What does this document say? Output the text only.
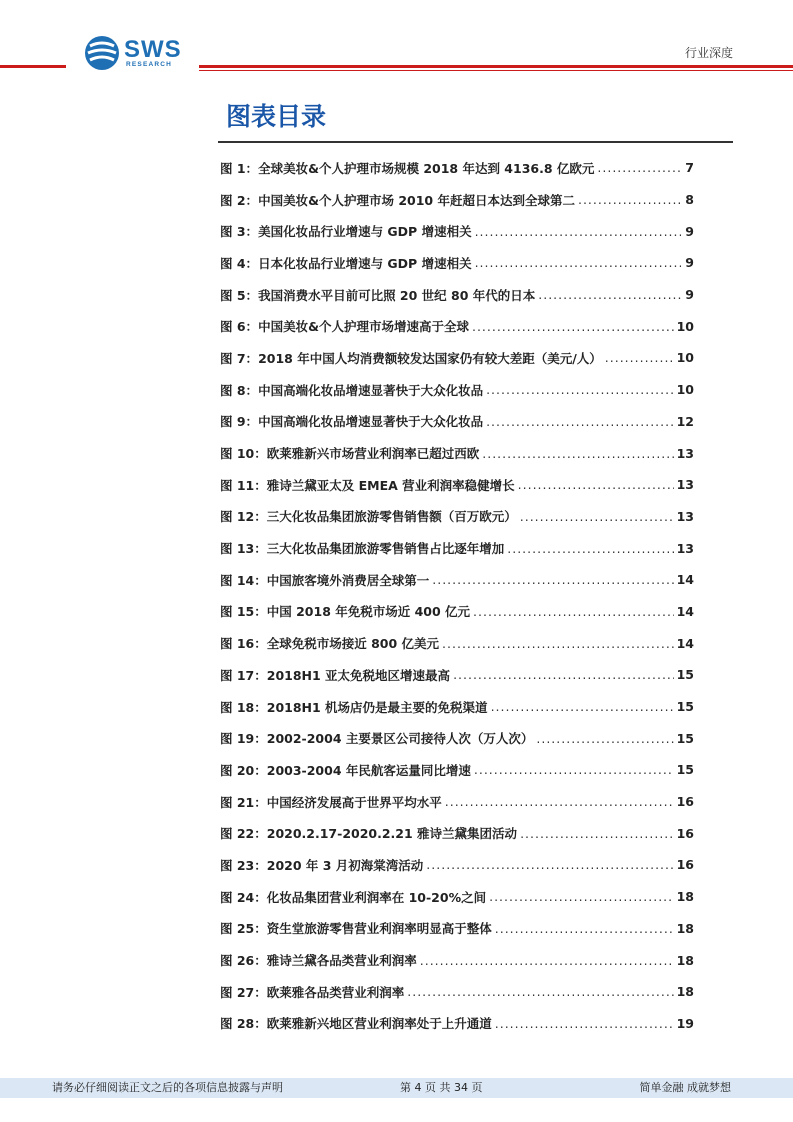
SWS
RESEARCH
行业深度
图表目录
图 1： 全球美妆&个人护理市场规模 2018 年达到 4136.8 亿欧元 .....	7
图 2： 中国美妆&个人护理市场 2010 年赶超日本达到全球第二 .....	8
图 3： 美国化妆品行业增速与 GDP 增速相关 .....	9
图 4： 日本化妆品行业增速与 GDP 增速相关 .....	9
图 5： 我国消费水平目前可比照 20 世纪 80 年代的日本 .....	9
图 6： 中国美妆&个人护理市场增速高于全球 .....	10
图 7： 2018 年中国人均消费额较发达国家仍有较大差距（美元/人） .....	10
图 8： 中国高端化妆品增速显著快于大众化妆品 .....	10
图 9： 中国高端化妆品增速显著快于大众化妆品 .....	12
图 10： 欧莱雅新兴市场营业利润率已超过西欧 .....	13
图 11： 雅诗兰黛亚太及 EMEA 营业利润率稳健增长 .....	13
图 12： 三大化妆品集团旅游零售销售额（百万欧元） .....	13
图 13： 三大化妆品集团旅游零售销售占比逐年增加 .....	13
图 14： 中国旅客境外消费居全球第一 .....	14
图 15： 中国 2018 年免税市场近 400 亿元 .....	14
图 16： 全球免税市场接近 800 亿美元 .....	14
图 17： 2018H1 亚太免税地区增速最高 .....	15
图 18： 2018H1 机场店仍是最主要的免税渠道 .....	15
图 19： 2002-2004 主要景区公司接待人次（万人次） .....	15
图 20： 2003-2004 年民航客运量同比增速 .....	15
图 21： 中国经济发展高于世界平均水平 .....	16
图 22： 2020.2.17-2020.2.21 雅诗兰黛集团活动 .....	16
图 23： 2020 年 3 月初海棠湾活动 .....	16
图 24： 化妆品集团营业利润率在 10-20%之间 .....	18
图 25： 资生堂旅游零售营业利润率明显高于整体 .....	18
图 26： 雅诗兰黛各品类营业利润率 .....	18
图 27： 欧莱雅各品类营业利润率 .....	18
图 28： 欧莱雅新兴地区营业利润率处于上升通道 .....	19
请务必仔细阅读正文之后的各项信息披露与声明	第 4 页 共 34 页	简单金融 成就梦想
